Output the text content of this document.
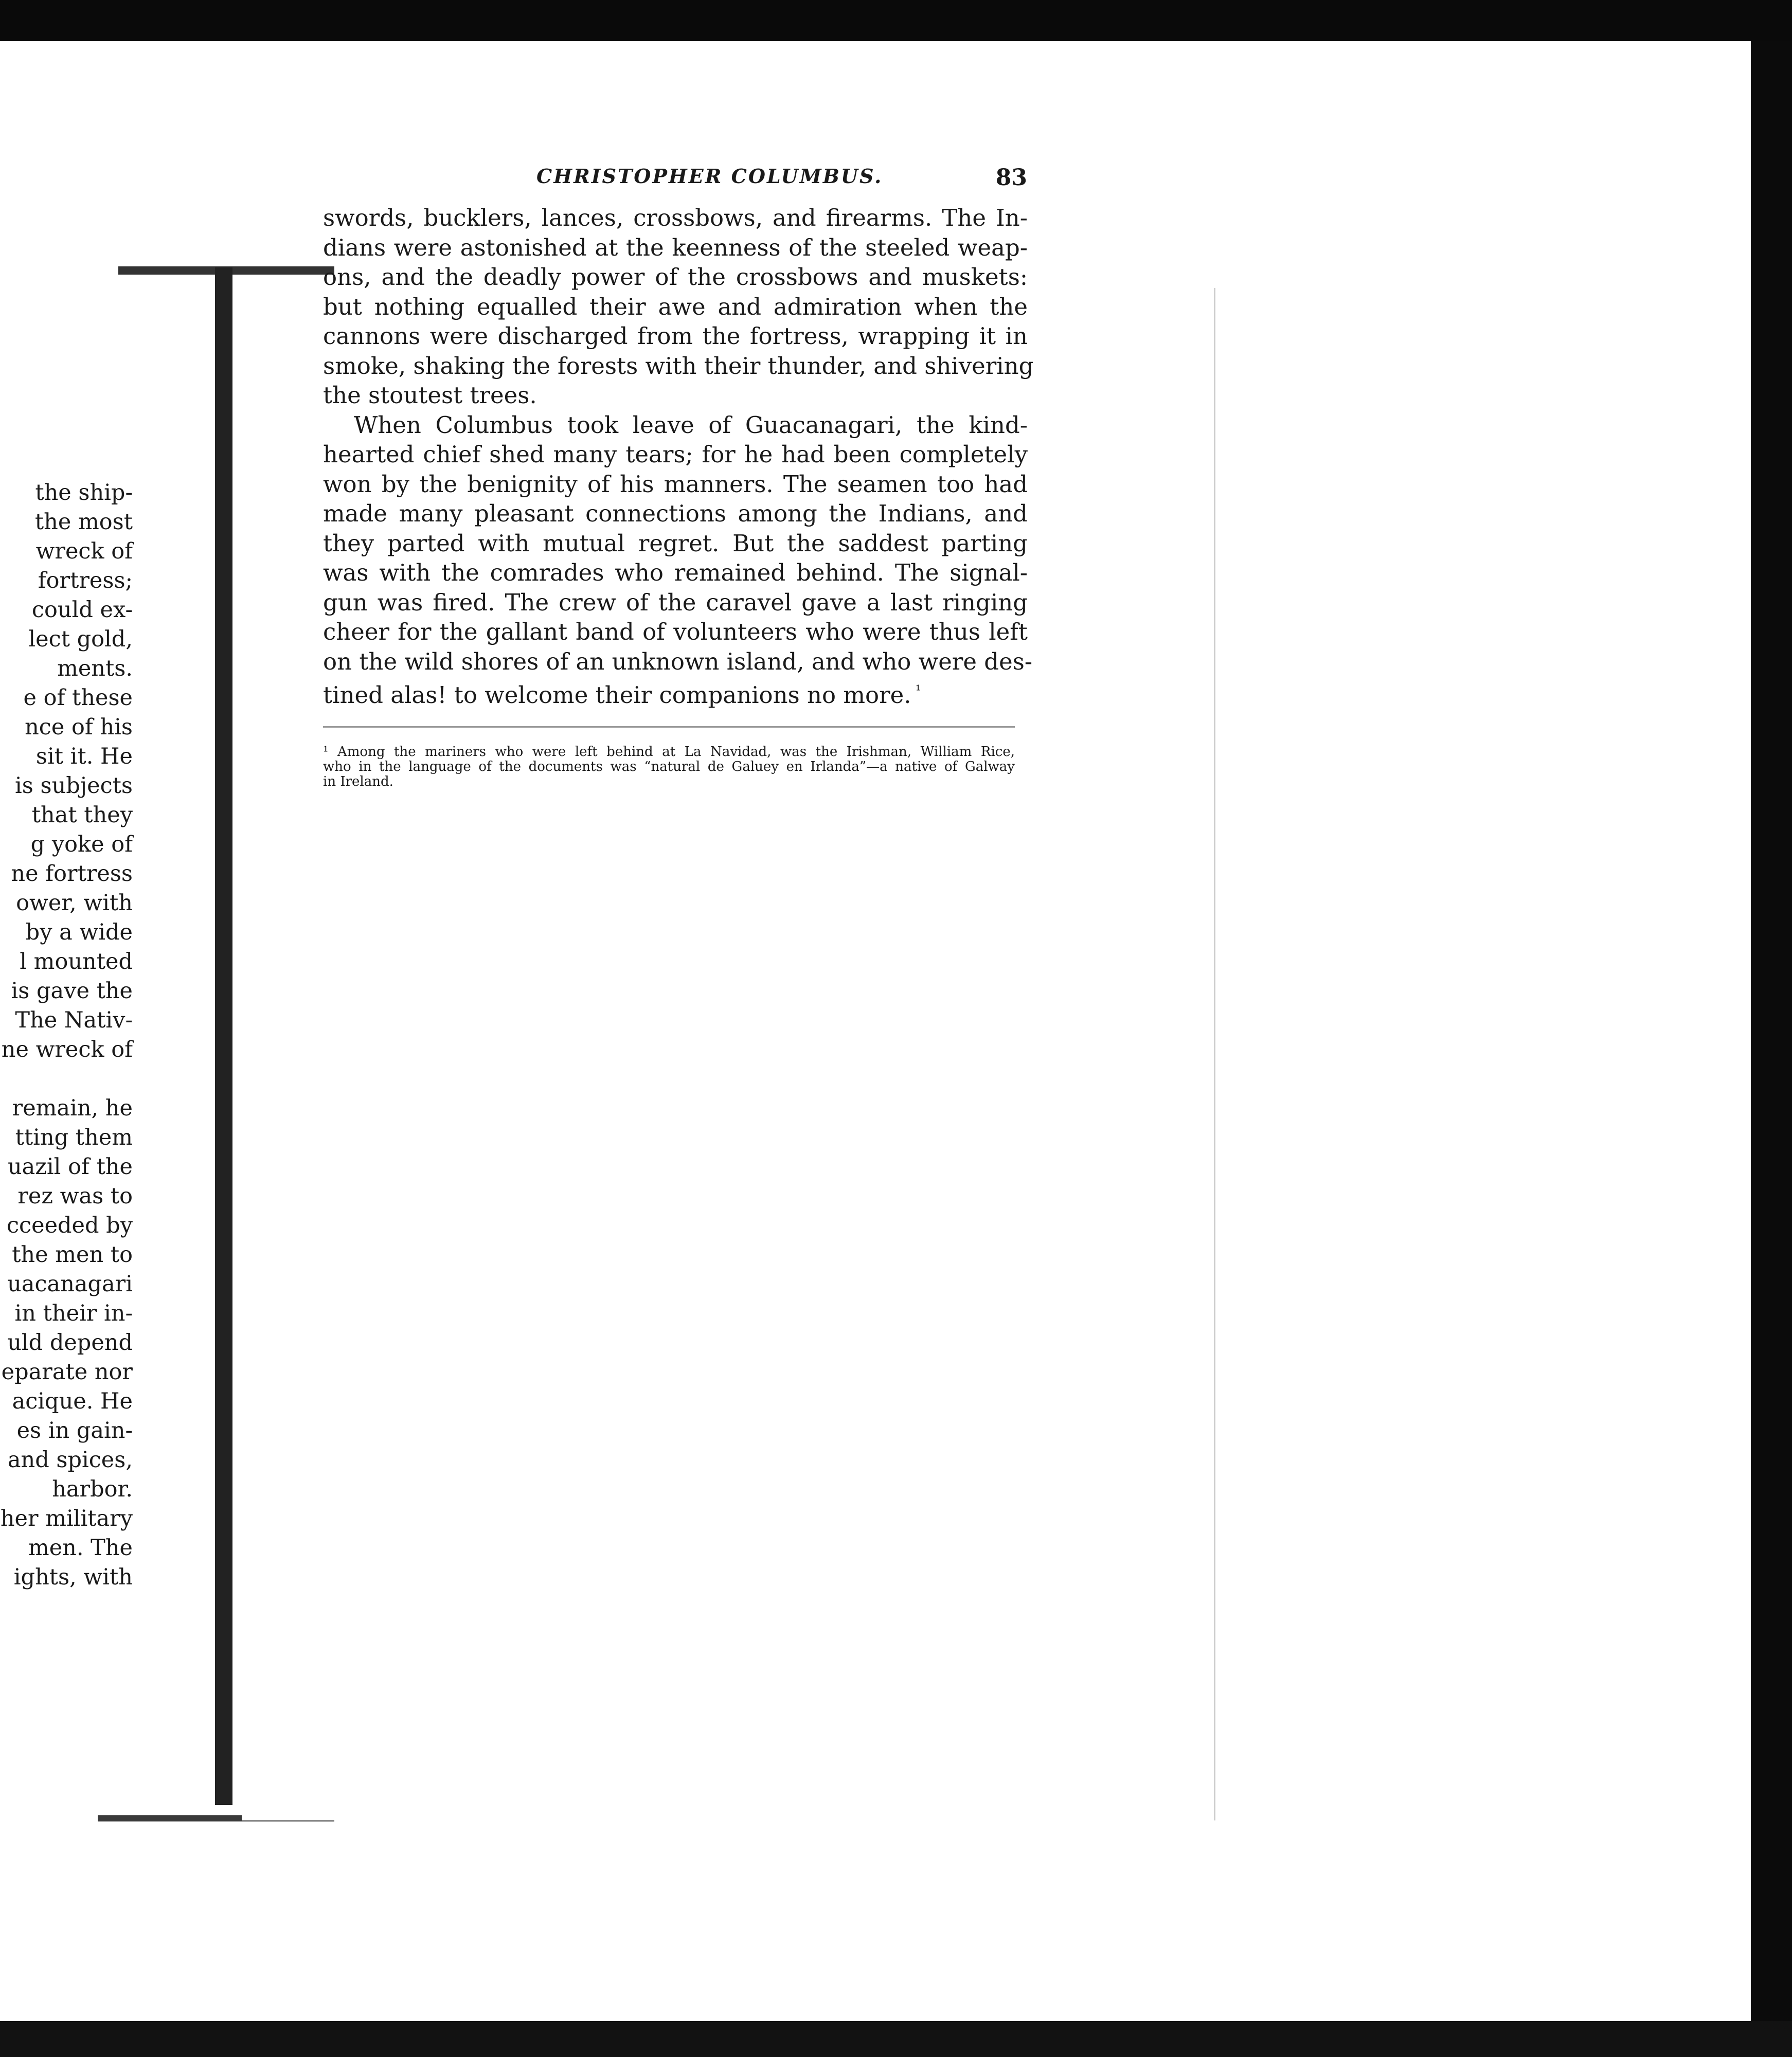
the ship-
the most
wreck of
fortress;
could ex-
lect gold,
ments.
e of these
nce of his
sit it. He
is subjects
that they
g yoke of
ne fortress
ower, with
by a wide
l mounted
is gave the
The Nativ-
ne wreck of
remain, he
tting them
uazil of the
rez was to
cceeded by
the men to
uacanagari
in their in-
uld depend
eparate nor
acique. He
es in gain-
and spices,
harbor.
her military
men. The
ights, with
CHRISTOPHER COLUMBUS.	83
swords, bucklers, lances, crossbows, and firearms. The In-
dians were astonished at the keenness of the steeled weap-
ons, and the deadly power of the crossbows and muskets:
but nothing equalled their awe and admiration when the
cannons were discharged from the fortress, wrapping it in
smoke, shaking the forests with their thunder, and shivering
the stoutest trees.
When Columbus took leave of Guacanagari, the kind-
hearted chief shed many tears; for he had been completely
won by the benignity of his manners. The seamen too had
made many pleasant connections among the Indians, and
they parted with mutual regret. But the saddest parting
was with the comrades who remained behind. The signal-
gun was fired. The crew of the caravel gave a last ringing
cheer for the gallant band of volunteers who were thus left
on the wild shores of an unknown island, and who were des-
tined alas! to welcome their companions no more. $^{^1}$
¹ Among the mariners who were left behind at La Navidad, was the Irishman, William Rice,
who in the language of the documents was “natural de Galuey en Irlanda”—a native of Galway
in Ireland.
